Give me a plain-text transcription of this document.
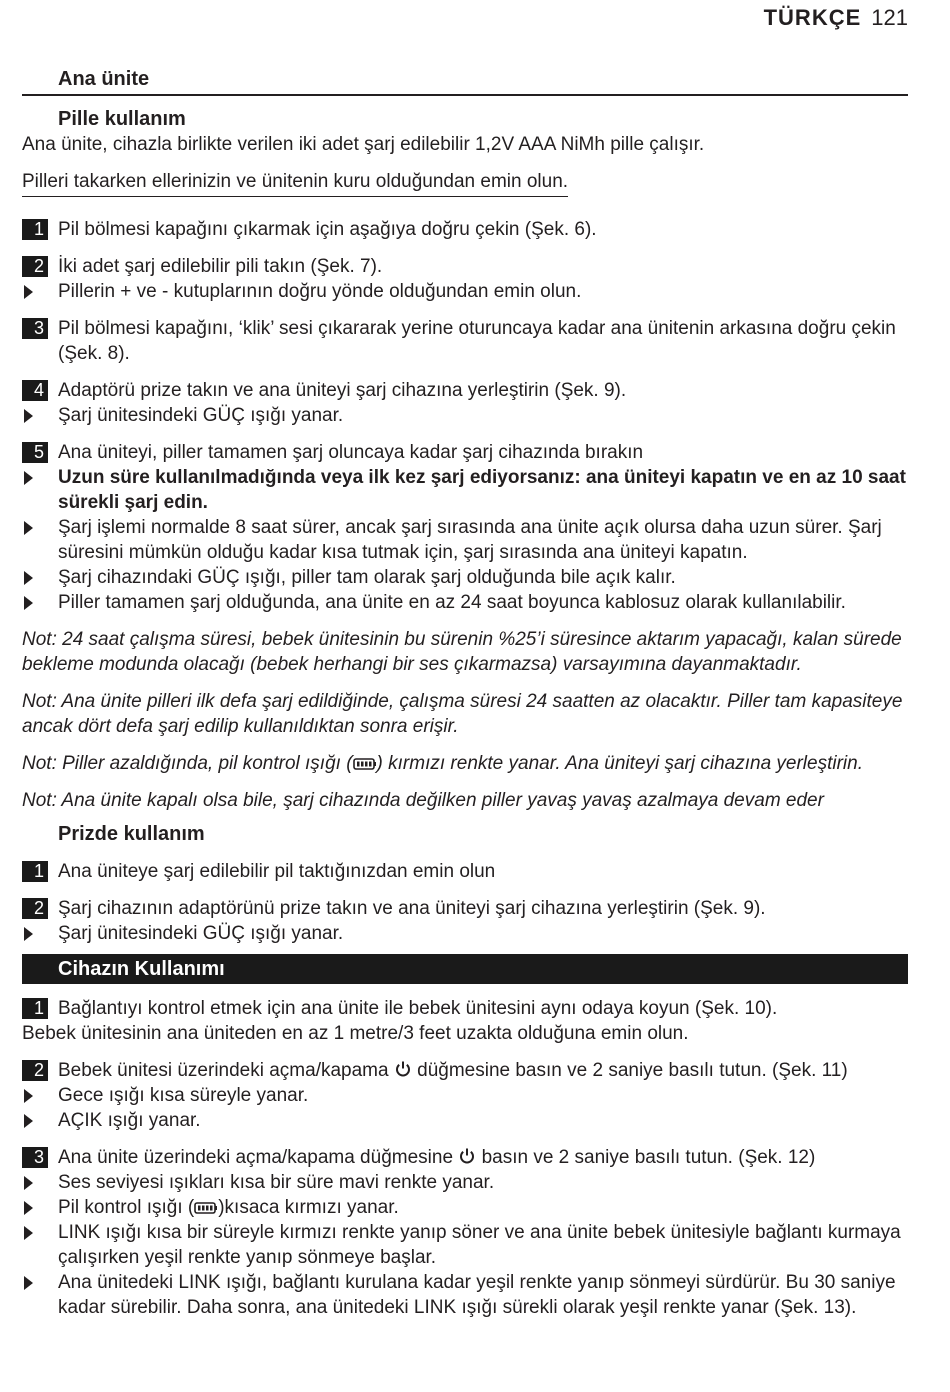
TÜRKÇE 121
Ana ünite
Pille kullanım
Ana ünite, cihazla birlikte verilen iki adet şarj edilebilir 1,2V AAA NiMh pille çalışır.
Pilleri takarken ellerinizin ve ünitenin kuru olduğundan emin olun.
1 Pil bölmesi kapağını çıkarmak için aşağıya doğru çekin (Şek. 6).
2 İki adet şarj edilebilir pili takın (Şek. 7).
Pillerin + ve - kutuplarının doğru yönde olduğundan emin olun.
3 Pil bölmesi kapağını, ‘klik’ sesi çıkararak yerine oturuncaya kadar ana ünitenin arkasına doğru çekin (Şek. 8).
4 Adaptörü prize takın ve ana üniteyi şarj cihazına yerleştirin (Şek. 9).
Şarj ünitesindeki GÜÇ ışığı yanar.
5 Ana üniteyi, piller tamamen şarj oluncaya kadar şarj cihazında bırakın
Uzun süre kullanılmadığında veya ilk kez şarj ediyorsanız: ana üniteyi kapatın ve en az 10 saat sürekli şarj edin.
Şarj işlemi normalde 8 saat sürer, ancak şarj sırasında ana ünite açık olursa daha uzun sürer. Şarj süresini mümkün olduğu kadar kısa tutmak için, şarj sırasında ana üniteyi kapatın.
Şarj cihazındaki GÜÇ ışığı, piller tam olarak şarj olduğunda bile açık kalır.
Piller tamamen şarj olduğunda, ana ünite en az 24 saat boyunca kablosuz olarak kullanılabilir.
Not: 24 saat çalışma süresi, bebek ünitesinin bu sürenin %25’i süresince aktarım yapacağı, kalan sürede bekleme modunda olacağı (bebek herhangi bir ses çıkarmazsa) varsayımına dayanmaktadır.
Not: Ana ünite pilleri ilk defa şarj edildiğinde, çalışma süresi 24 saatten az olacaktır. Piller tam kapasiteye ancak dört defa şarj edilip kullanıldıktan sonra erişir.
Not: Piller azaldığında, pil kontrol ışığı ( ) kırmızı renkte yanar. Ana üniteyi şarj cihazına yerleştirin.
Not: Ana ünite kapalı olsa bile, şarj cihazında değilken piller yavaş yavaş azalmaya devam eder
Prizde kullanım
1 Ana üniteye şarj edilebilir pil taktığınızdan emin olun
2 Şarj cihazının adaptörünü prize takın ve ana üniteyi şarj cihazına yerleştirin (Şek. 9).
Şarj ünitesindeki GÜÇ ışığı yanar.
Cihazın Kullanımı
1 Bağlantıyı kontrol etmek için ana ünite ile bebek ünitesini aynı odaya koyun (Şek. 10).
Bebek ünitesinin ana üniteden en az 1 metre/3 feet uzakta olduğuna emin olun.
2 Bebek ünitesi üzerindeki açma/kapama düğmesine basın ve 2 saniye basılı tutun. (Şek. 11)
Gece ışığı kısa süreyle yanar.
AÇIK ışığı yanar.
3 Ana ünite üzerindeki açma/kapama düğmesine basın ve 2 saniye basılı tutun. (Şek. 12)
Ses seviyesi ışıkları kısa bir süre mavi renkte yanar.
Pil kontrol ışığı ( )kısaca kırmızı yanar.
LINK ışığı kısa bir süreyle kırmızı renkte yanıp söner ve ana ünite bebek ünitesiyle bağlantı kurmaya çalışırken yeşil renkte yanıp sönmeye başlar.
Ana ünitedeki LINK ışığı, bağlantı kurulana kadar yeşil renkte yanıp sönmeyi sürdürür. Bu 30 saniye kadar sürebilir. Daha sonra, ana ünitedeki LINK ışığı sürekli olarak yeşil renkte yanar (Şek. 13).
